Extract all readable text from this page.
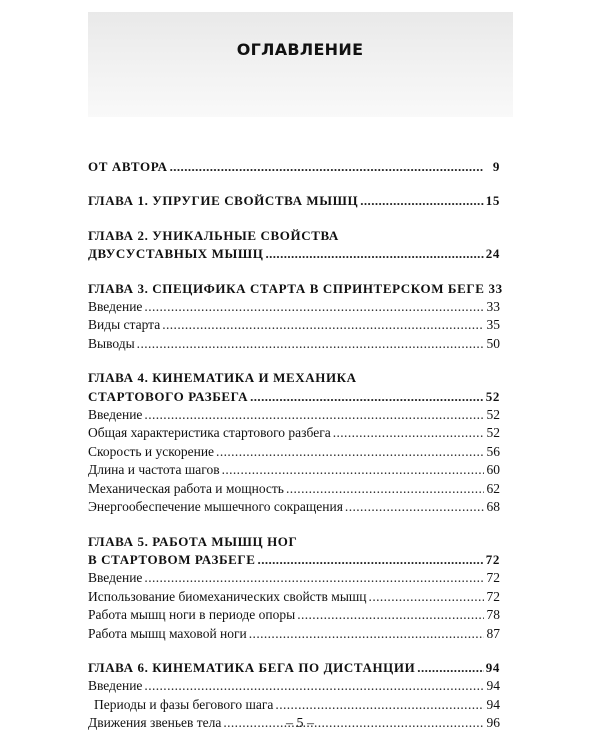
ОГЛАВЛЕНИЕ
ОТ АВТОРА .....	9
ГЛАВА 1. УПРУГИЕ СВОЙСТВА МЫШЦ .....	15
ГЛАВА 2. УНИКАЛЬНЫЕ СВОЙСТВА
ДВУСУСТАВНЫХ МЫШЦ .....	24
ГЛАВА 3. СПЕЦИФИКА СТАРТА В СПРИНТЕРСКОМ БЕГЕ 33
Введение .....	33
Виды старта .....	35
Выводы .....	50
ГЛАВА 4. КИНЕМАТИКА И МЕХАНИКА
СТАРТОВОГО РАЗБЕГА .....	52
Введение .....	52
Общая характеристика стартового разбега .....	52
Скорость и ускорение .....	56
Длина и частота шагов .....	60
Механическая работа и мощность .....	62
Энергообеспечение мышечного сокращения .....	68
ГЛАВА 5. РАБОТА МЫШЦ НОГ
В СТАРТОВОМ РАЗБЕГЕ .....	72
Введение .....	72
Использование биомеханических свойств мышц .....	72
Работа мышц ноги в периоде опоры .....	78
Работа мышц маховой ноги .....	87
ГЛАВА 6. КИНЕМАТИКА БЕГА ПО ДИСТАНЦИИ .....	94
Введение .....	94
Периоды и фазы бегового шага .....	94
Движения звеньев тела .....	96
– 5 –
